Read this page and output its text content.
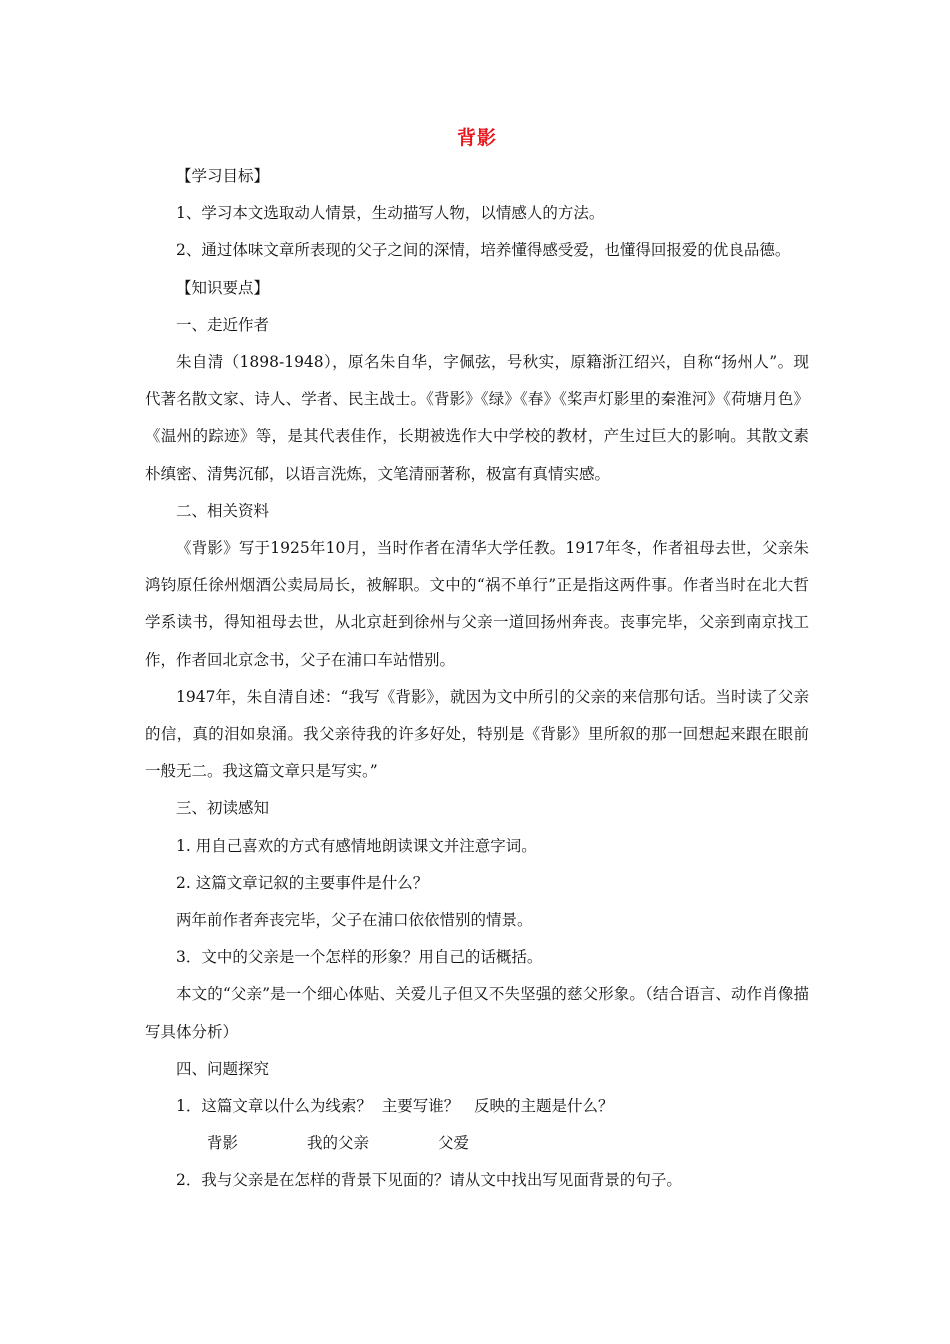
背影

【学习目标】

1、学习本文选取动人情景，生动描写人物，以情感人的方法。

2、通过体味文章所表现的父子之间的深情，培养懂得感受爱，也懂得回报爱的优良品德。

【知识要点】

一、走近作者

朱自清（1898-1948），原名朱自华，字佩弦，号秋实，原籍浙江绍兴，自称“扬州人”。现代著名散文家、诗人、学者、民主战士。《背影》《绿》《春》《桨声灯影里的秦淮河》《荷塘月色》《温州的踪迹》等，是其代表佳作，长期被选作大中学校的教材，产生过巨大的影响。其散文素朴缜密、清隽沉郁，以语言洗炼，文笔清丽著称，极富有真情实感。

二、相关资料

《背影》写于1925年10月，当时作者在清华大学任教。1917年冬，作者祖母去世，父亲朱鸿钧原任徐州烟酒公卖局局长，被解职。文中的“祸不单行”正是指这两件事。作者当时在北大哲学系读书，得知祖母去世，从北京赶到徐州与父亲一道回扬州奔丧。丧事完毕，父亲到南京找工作，作者回北京念书，父子在浦口车站惜别。

1947年，朱自清自述：“我写《背影》，就因为文中所引的父亲的来信那句话。当时读了父亲的信，真的泪如泉涌。我父亲待我的许多好处，特别是《背影》里所叙的那一回想起来跟在眼前一般无二。我这篇文章只是写实。”

三、初读感知

1. 用自己喜欢的方式有感情地朗读课文并注意字词。

2. 这篇文章记叙的主要事件是什么？

两年前作者奔丧完毕，父子在浦口依依惜别的情景。

3．文中的父亲是一个怎样的形象？用自己的话概括。

本文的“父亲”是一个细心体贴、关爱儿子但又不失坚强的慈父形象。（结合语言、动作肖像描写具体分析）

四、问题探究

1．这篇文章以什么为线索？  主要写谁？   反映的主题是什么？

背影	我的父亲	父爱

2．我与父亲是在怎样的背景下见面的？请从文中找出写见面背景的句子。
